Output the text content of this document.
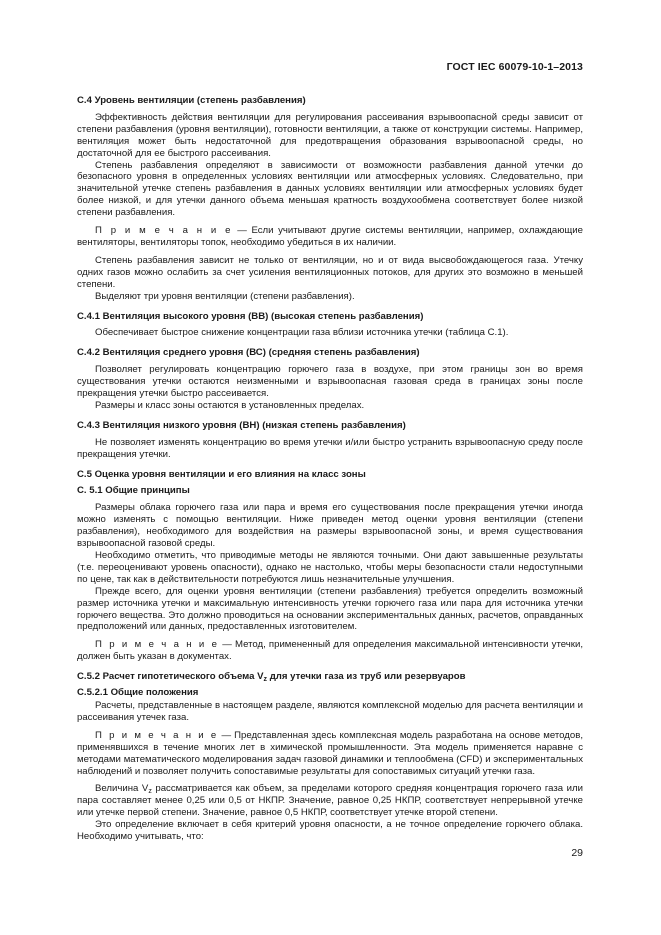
ГОСТ IEC 60079-10-1–2013
С.4 Уровень вентиляции (степень разбавления)
Эффективность действия вентиляции для регулирования рассеивания взрывоопасной среды зависит от степени разбавления (уровня вентиляции), готовности вентиляции, а также от конструкции системы. Например, вентиляция может быть недостаточной для предотвращения образования взрывоопасной среды, но достаточной для ее быстрого рассеивания.
Степень разбавления определяют в зависимости от возможности разбавления данной утечки до безопасного уровня в определенных условиях вентиляции или атмосферных условиях. Следовательно, при значительной утечке степень разбавления в данных условиях вентиляции или атмосферных условиях будет более низкой, и для утечки данного объема меньшая кратность воздухообмена соответствует более низкой степени разбавления.
П р и м е ч а н и е — Если учитывают другие системы вентиляции, например, охлаждающие вентиляторы, вентиляторы топок, необходимо убедиться в их наличии.
Степень разбавления зависит не только от вентиляции, но и от вида высвобождающегося газа. Утечку одних газов можно ослабить за счет усиления вентиляционных потоков, для других это возможно в меньшей степени.
Выделяют три уровня вентиляции (степени разбавления).
С.4.1 Вентиляция высокого уровня (ВВ) (высокая степень разбавления)
Обеспечивает быстрое снижение концентрации газа вблизи источника утечки (таблица С.1).
С.4.2 Вентиляция среднего уровня (ВС) (средняя степень разбавления)
Позволяет регулировать концентрацию горючего газа в воздухе, при этом границы зон во время существования утечки остаются неизменными и взрывоопасная газовая среда в границах зоны после прекращения утечки быстро рассеивается.
Размеры и класс зоны остаются в установленных пределах.
С.4.3 Вентиляция низкого уровня (ВН) (низкая степень разбавления)
Не позволяет изменять концентрацию во время утечки и/или быстро устранить взрывоопасную среду после прекращения утечки.
С.5 Оценка уровня вентиляции и его влияния на класс зоны
С. 5.1 Общие принципы
Размеры облака горючего газа или пара и время его существования после прекращения утечки иногда можно изменять с помощью вентиляции. Ниже приведен метод оценки уровня вентиляции (степени разбавления), необходимого для воздействия на размеры взрывоопасной зоны, и время существования взрывоопасной газовой среды.
Необходимо отметить, что приводимые методы не являются точными. Они дают завышенные результаты (т.е. переоценивают уровень опасности), однако не настолько, чтобы меры безопасности стали недоступными по цене, так как в действительности потребуются лишь незначительные улучшения.
Прежде всего, для оценки уровня вентиляции (степени разбавления) требуется определить возможный размер источника утечки и максимальную интенсивность утечки горючего газа или пара для источника утечки горючего вещества. Это должно проводиться на основании экспериментальных данных, расчетов, оправданных предположений или данных, предоставленных изготовителем.
П р и м е ч а н и е — Метод, примененный для определения максимальной интенсивности утечки, должен быть указан в документах.
С.5.2 Расчет гипотетического объема $V_z$ для утечки газа из труб или резервуаров
С.5.2.1 Общие положения
Расчеты, представленные в настоящем разделе, являются комплексной моделью для расчета вентиляции и рассеивания утечек газа.
П р и м е ч а н и е — Представленная здесь комплексная модель разработана на основе методов, применявшихся в течение многих лет в химической промышленности. Эта модель применяется наравне с методами математического моделирования задач газовой динамики и теплообмена (CFD) и экспериментальных наблюдений и позволяет получить сопоставимые результаты для сопоставимых ситуаций утечки газа.
Величина $V_z$ рассматривается как объем, за пределами которого средняя концентрация горючего газа или пара составляет менее 0,25 или 0,5 от НКПР. Значение, равное 0,25 НКПР, соответствует непрерывной утечке или утечке первой степени. Значение, равное 0,5 НКПР, соответствует утечке второй степени.
Это определение включает в себя критерий уровня опасности, а не точное определение горючего облака. Необходимо учитывать, что:
29
